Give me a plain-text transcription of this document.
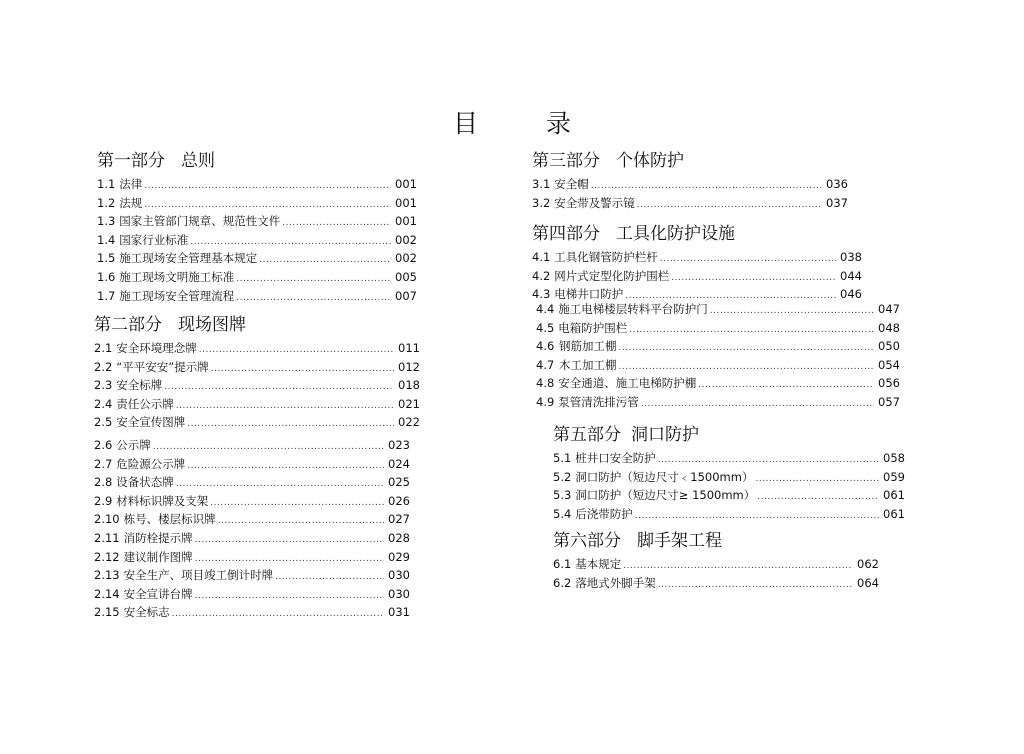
目 录
第一部分 总则
1.1 法律 .....	001
1.2 法规 .....	001
1.3 国家主管部门规章、规范性文件 .....	001
1.4 国家行业标准 .....	002
1.5 施工现场安全管理基本规定 .....	002
1.6 施工现场文明施工标准 .....	005
1.7 施工现场安全管理流程 .....	007
第二部分 现场图牌
2.1 安全环境理念牌 .....	011
2.2 “平平安安”提示牌 .....	012
2.3 安全标牌 .....	018
2.4 责任公示牌 .....	021
2.5 安全宣传图牌 .....	022
2.6 公示牌 .....	023
2.7 危险源公示牌 .....	024
2.8 设备状态牌 .....	025
2.9 材料标识牌及支架 .....	026
2.10 栋号、楼层标识牌 .....	027
2.11 消防栓提示牌 .....	028
2.12 建议制作图牌 .....	029
2.13 安全生产、项目竣工倒计时牌 .....	030
2.14 安全宣讲台牌 .....	030
2.15 安全标志 .....	031
第三部分 个体防护
3.1 安全帽 .....	036
3.2 安全带及警示镜 .....	037
第四部分 工具化防护设施
4.1 工具化钢管防护栏杆 .....	038
4.2 网片式定型化防护围栏 .....	044
4.3 电梯井口防护 .....	046
4.4 施工电梯楼层转料平台防护门 .....	047
4.5 电箱防护围栏 .....	048
4.6 钢筋加工棚 .....	050
4.7 木工加工棚 .....	054
4.8 安全通道、施工电梯防护棚 .....	056
4.9 泵管清洗排污管 .....	057
第五部分 洞口防护
5.1 桩井口安全防护 .....	058
5.2 洞口防护（短边尺寸﹤1500mm） .....	059
5.3 洞口防护（短边尺寸≥ 1500mm） .....	061
5.4 后浇带防护 .....	061
第六部分 脚手架工程
6.1 基本规定 .....	062
6.2 落地式外脚手架 .....	064
